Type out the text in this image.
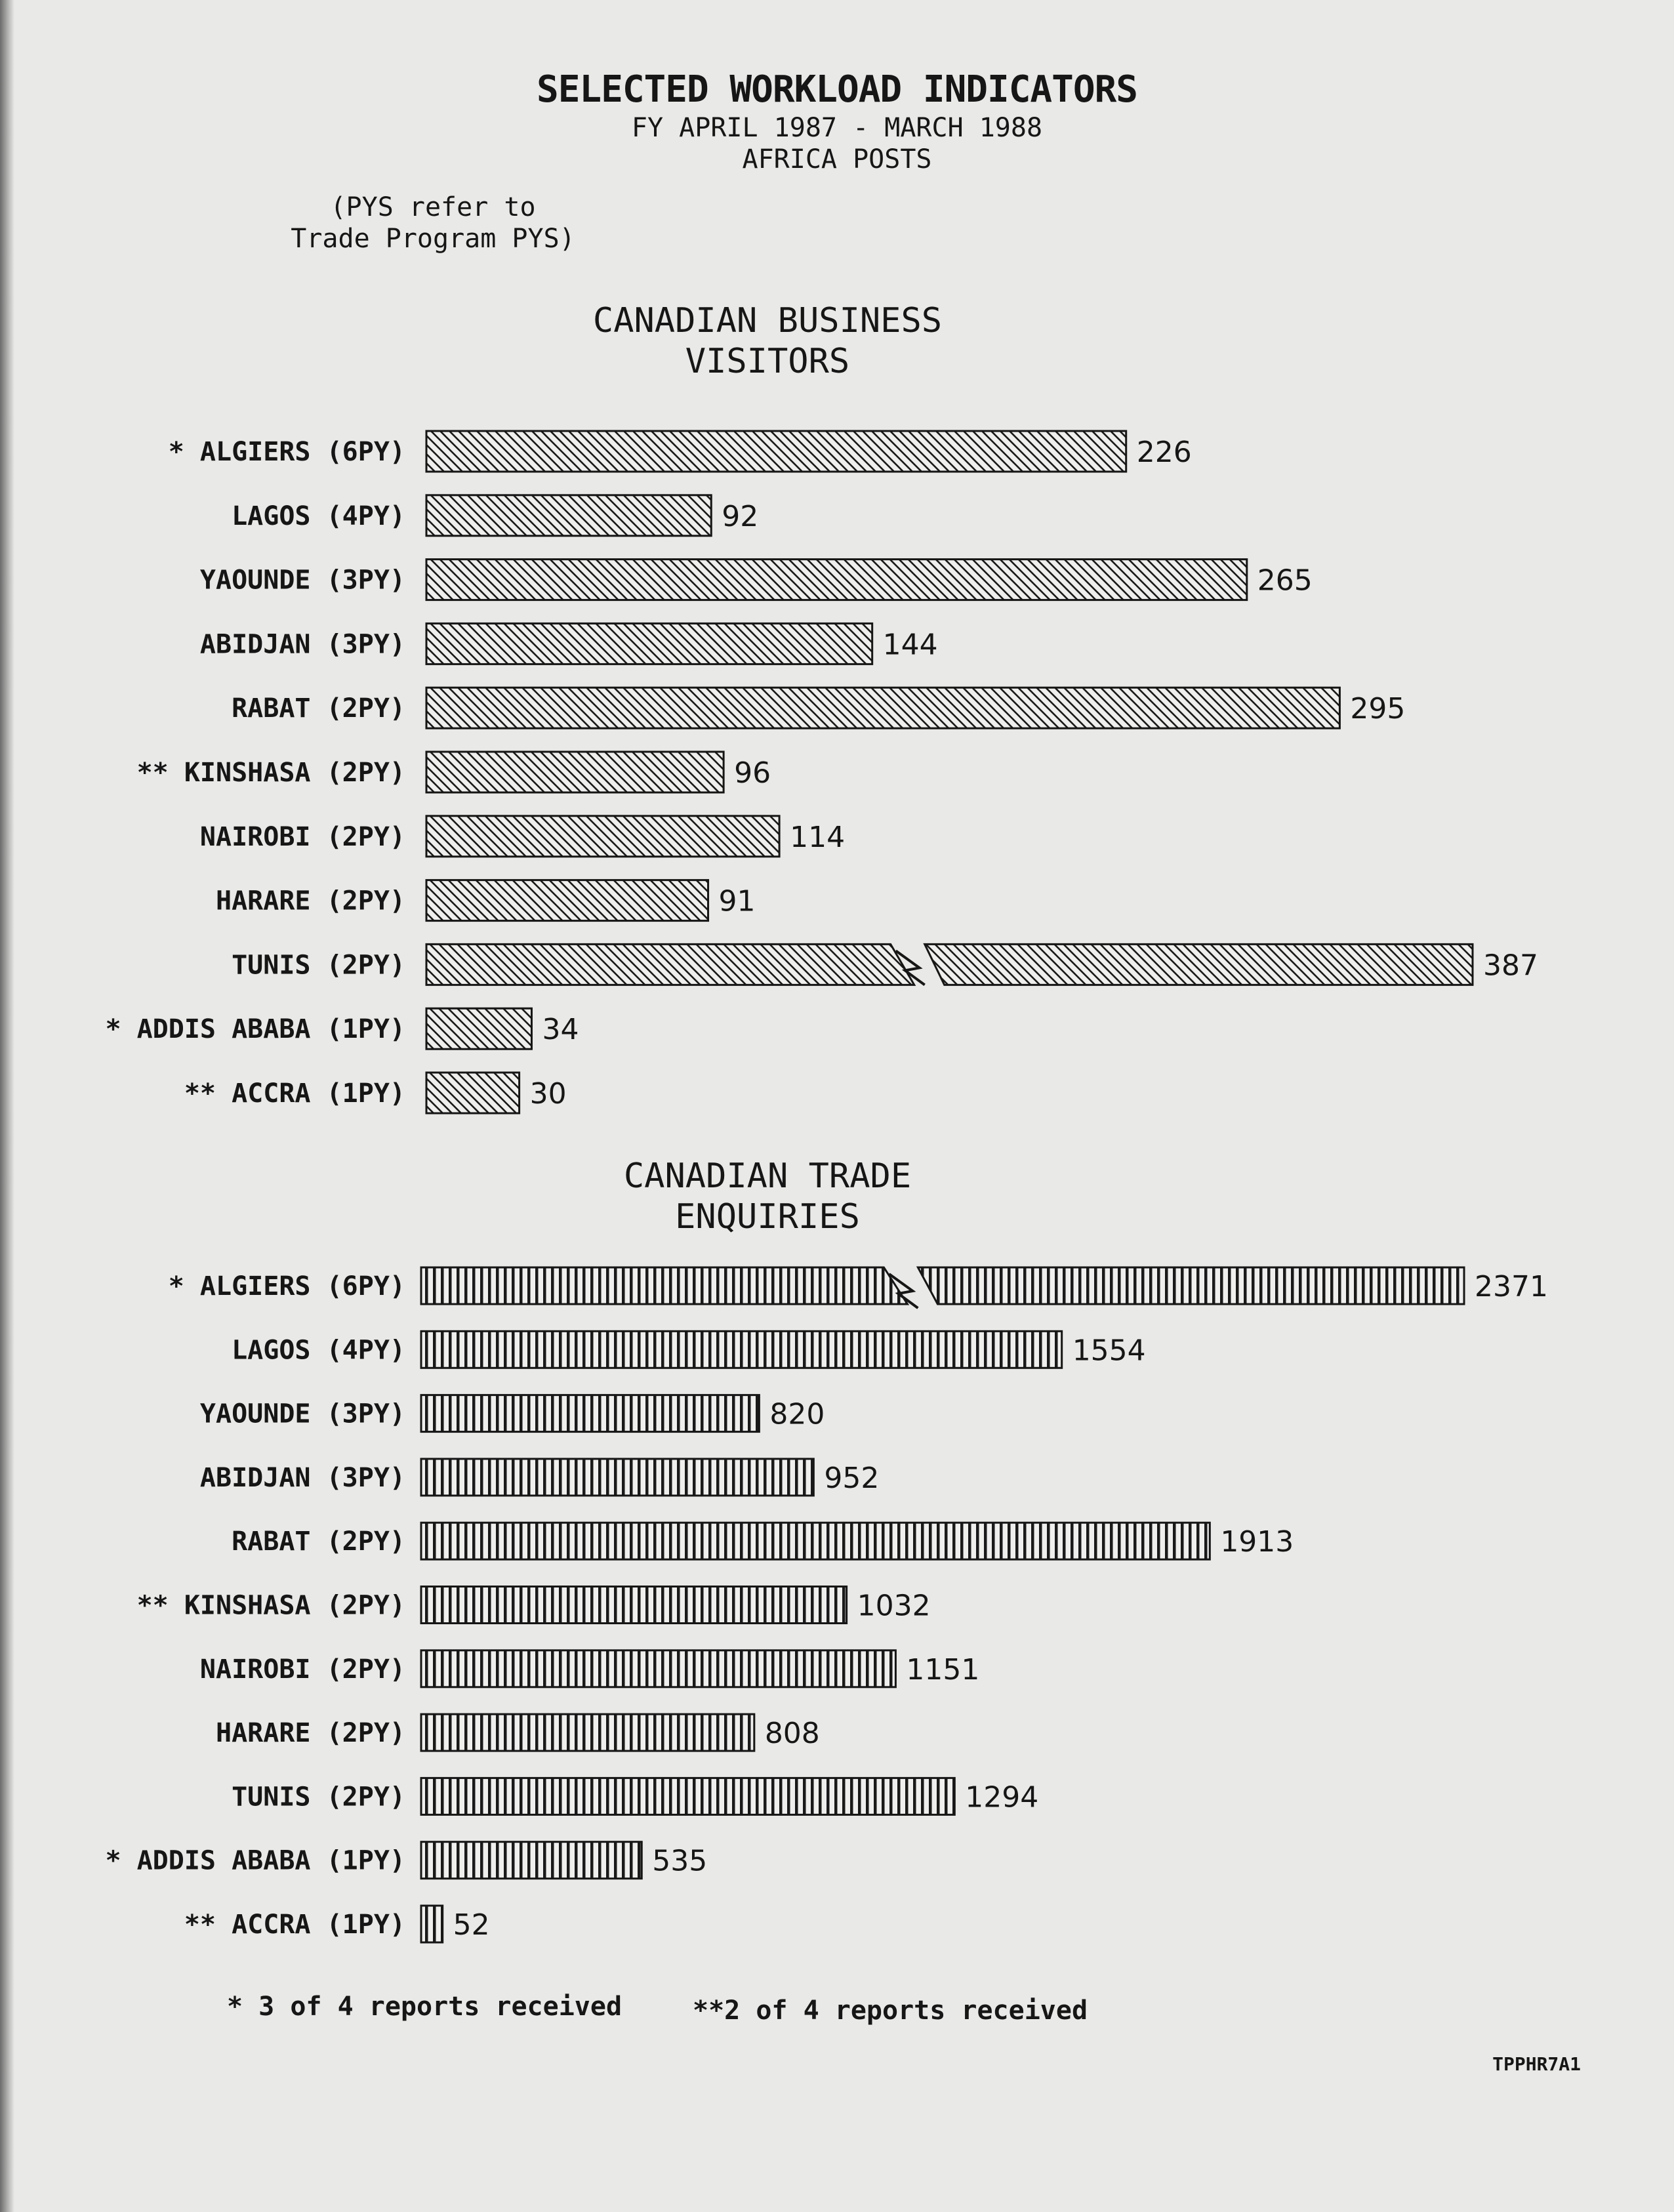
SELECTED WORKLOAD INDICATORS
FY APRIL 1987 - MARCH 1988
AFRICA POSTS
(PYS refer to Trade Program PYS)
CANADIAN BUSINESS VISITORS
CANADIAN TRADE ENQUIRIES
* ALGIERS (6PY)	226
LAGOS (4PY)	92
YAOUNDE (3PY)	265
ABIDJAN (3PY)	144
RABAT (2PY)	295
** KINSHASA (2PY)	96
NAIROBI (2PY)	114
HARARE (2PY)	91
TUNIS (2PY)	387
* ADDIS ABABA (1PY)	34
** ACCRA (1PY)	30
* ALGIERS (6PY)	2371
LAGOS (4PY)	1554
YAOUNDE (3PY)	820
ABIDJAN (3PY)	952
RABAT (2PY)	1913
** KINSHASA (2PY)	1032
NAIROBI (2PY)	1151
HARARE (2PY)	808
TUNIS (2PY)	1294
* ADDIS ABABA (1PY)	535
** ACCRA (1PY) 52
* 3 of 4 reports received	**2 of 4 reports received
TPPHR7A1
